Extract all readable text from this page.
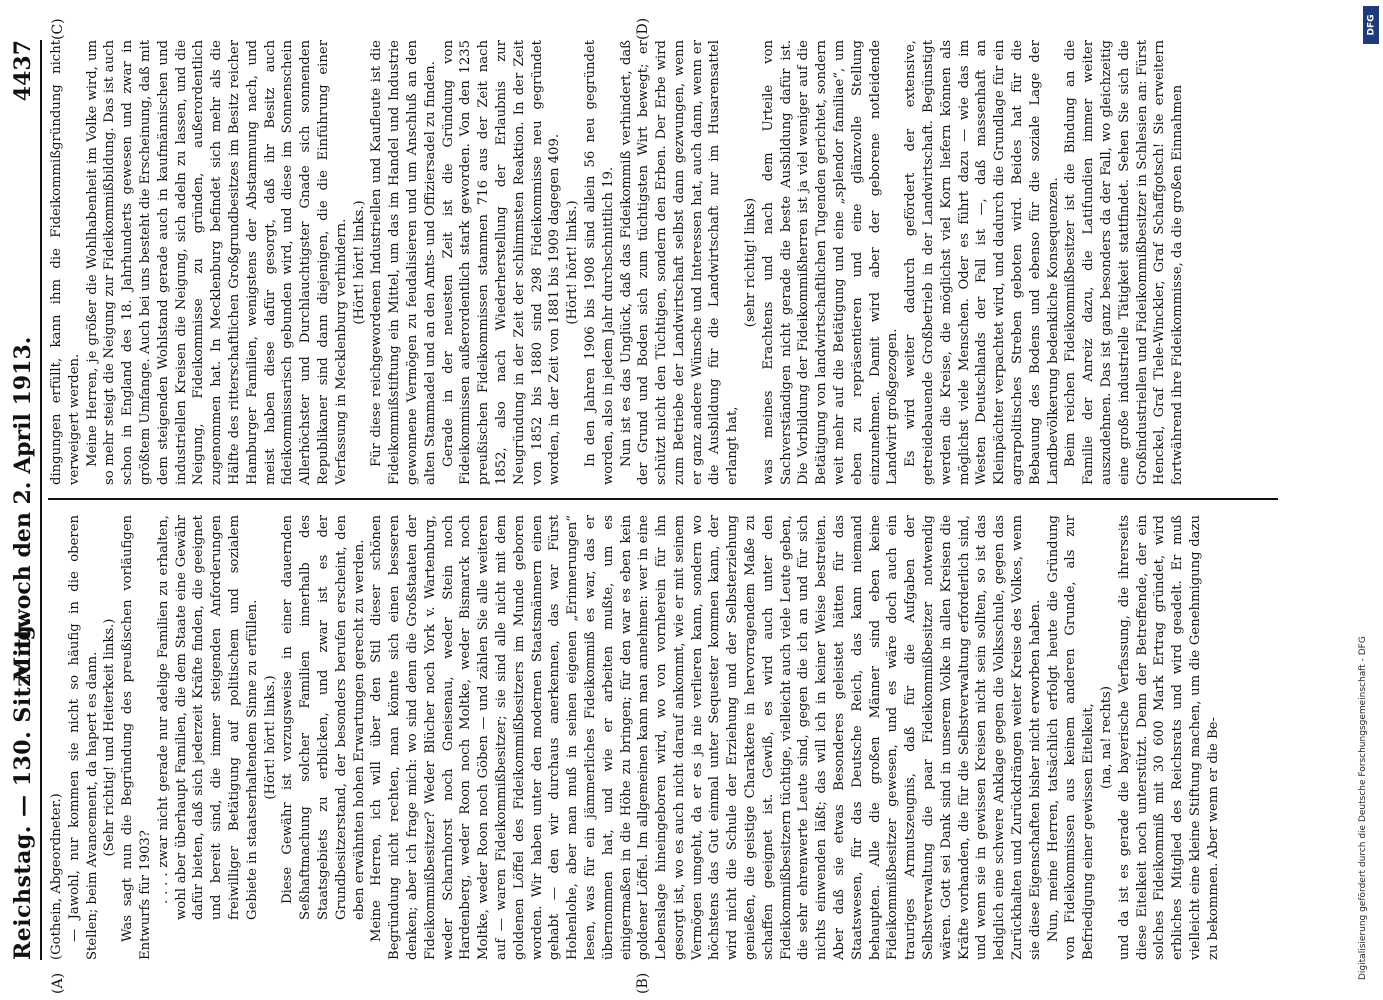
Reichstag. — 130. Sitzung.
Mittwoch den 2. April 1913.  4437
(A)	(B)
(C)	(D)

(Gothein, Abgeordneter.) — Jawohl, nur kommen sie nicht so häufig in die oberen Stellen; beim Avancement, da hapert es dann. (Sehr richtig! und Heiterkeit links.) Was sagt nun die Begründung des preußischen vorläufigen Entwurfs für 1903? . . . . zwar nicht gerade nur adelige Familien zu erhalten, wohl aber überhaupt Familien, die dem Staate eine Gewähr dafür bieten, daß sich jederzeit Kräfte finden, die geeignet und bereit sind, die immer steigenden Anforderungen freiwilliger Betätigung auf politischem und sozialem Gebiete in staatserhaltendem Sinne zu erfüllen. (Hört! hört! links.) Diese Gewähr ist vorzugsweise in einer dauernden Seßhaftmachung solcher Familien innerhalb des Staatsgebiets zu erblicken, und zwar ist es der Grundbesitzerstand, der besonders berufen erscheint, den eben erwähnten hohen Erwartungen gerecht zu werden. Meine Herren, ich will über den Stil dieser schönen Begründung nicht rechten, man könnte sich einen besseren denken; aber ich frage mich: wo sind denn die Großstaaten der Fideikommißbesitzer? Weder Blücher noch York v. Wartenburg, weder Scharnhorst noch Gneisenau, weder Stein noch Hardenberg, weder Roon noch Moltke, weder Bismarck noch Moltke, weder Roon noch Göben — und zählen Sie alle weiteren auf — waren Fideikommißbesitzer; sie sind alle nicht mit dem goldenen Löffel des Fideikommißbesitzers im Munde geboren worden. Wir haben unter den modernen Staatsmännern einen gehabt — den wir durchaus anerkennen, das war Fürst Hohenlohe, aber man muß in seinen eigenen „Erinnerungen“ lesen, was für ein jämmerliches Fideikommiß es war, das er übernommen hat, und wie er arbeiten mußte, um es einigermaßen in die Höhe zu bringen; für den war es eben kein goldener Löffel. Im allgemeinen kann man annehmen: wer in eine Lebenslage hineingeboren wird, wo von vornherein für ihn gesorgt ist, wo es auch nicht darauf ankommt, wie er mit seinem Vermögen umgeht, da er es ja nie verlieren kann, sondern wo höchstens das Gut einmal unter Sequester kommen kann, der wird nicht die Schule der Erziehung und der Selbsterziehung genießen, die geistige Charaktere in hervorragendem Maße zu schaffen geeignet ist. Gewiß, es wird auch unter den Fideikommißbesitzern tüchtige, vielleicht auch viele Leute geben, die sehr ehrenwerte Leute sind, gegen die ich an und für sich nichts einwenden läßt; das will ich in keiner Weise bestreiten. Aber daß sie etwas Besonderes geleistet hätten für das Staatswesen, für das Deutsche Reich, das kann niemand behaupten. Alle die großen Männer sind eben keine Fideikommißbesitzer gewesen, und es wäre doch auch ein trauriges Armutszeugnis, daß für die Aufgaben der Selbstverwaltung die paar Fideikommißbesitzer notwendig wären. Gott sei Dank sind in unserem Volke in allen Kreisen die Kräfte vorhanden, die für die Selbstverwaltung erforderlich sind, und wenn sie in gewissen Kreisen nicht sein sollten, so ist das lediglich eine schwere Anklage gegen die Volksschule, gegen das Zurückhalten und Zurückdrängen weiter Kreise des Volkes, wenn sie diese Eigenschaften bisher nicht erworben haben. Nun, meine Herren, tatsächlich erfolgt heute die Gründung von Fideikommissen aus keinem anderen Grunde, als zur Befriedigung einer gewissen Eitelkeit, (na, na! rechts) und da ist es gerade die bayerische Verfassung, die ihrerseits diese Eitelkeit noch unterstützt. Denn der Betreffende, der ein solches Fideikommiß mit 30 600 Mark Ertrag gründet, wird erbliches Mitglied des Reichsrats und wird geadelt. Er muß vielleicht eine kleine Stiftung machen, um die Genehmigung dazu zu bekommen. Aber wenn er die Be-

dingungen erfüllt, kann ihm die Fideikommißgründung nicht verweigert werden. Meine Herren, je größer die Wohlhabenheit im Volke wird, um so mehr steigt die Neigung zur Fideikommißbildung. Das ist auch schon in England des 18. Jahrhunderts gewesen und zwar in größtem Umfange. Auch bei uns besteht die Erscheinung, daß mit dem steigenden Wohlstand gerade auch in kaufmännischen und industriellen Kreisen die Neigung, sich adeln zu lassen, und die Neigung, Fideikommisse zu gründen, außerordentlich zugenommen hat. In Mecklenburg befindet sich mehr als die Hälfte des ritterschaftlichen Großgrundbesitzes im Besitz reicher Hamburger Familien, wenigstens der Abstammung nach, und meist haben diese dafür gesorgt, daß ihr Besitz auch fideikommissarisch gebunden wird, und diese im Sonnenschein Allerhöchster und Durchlauchtigster Gnade sich sonnenden Republikaner sind dann diejenigen, die die Einführung einer Verfassung in Mecklenburg verhindern. (Hört! hört! links.) Für diese reichgewordenen Industriellen und Kaufleute ist die Fideikommißstiftung ein Mittel, um das im Handel und Industrie gewonnene Vermögen zu feudalisieren und um Anschluß an den alten Stammadel und an den Amts- und Offiziersadel zu finden. Gerade in der neuesten Zeit ist die Gründung von Fideikommissen außerordentlich stark geworden. Von den 1235 preußischen Fideikommissen stammen 716 aus der Zeit nach 1852, also nach Wiederherstellung der Erlaubnis zur Neugründung in der Zeit der schlimmsten Reaktion. In der Zeit von 1852 bis 1880 sind 298 Fideikommisse neu gegründet worden, in der Zeit von 1881 bis 1909 dagegen 409. (Hört! hört! links.) In den Jahren 1906 bis 1908 sind allein 56 neu gegründet worden, also in jedem Jahr durchschnittlich 19. Nun ist es das Unglück, daß das Fideikommiß verhindert, daß der Grund und Boden sich zum tüchtigsten Wirt bewegt; er schützt nicht den Tüchtigen, sondern den Erben. Der Erbe wird zum Betriebe der Landwirtschaft selbst dann gezwungen, wenn er ganz andere Wünsche und Interessen hat, auch dann, wenn er die Ausbildung für die Landwirtschaft nur im Husarensattel erlangt hat,

(sehr richtig! links) was meines Erachtens und nach dem Urteile von Sachverständigen nicht gerade die beste Ausbildung dafür ist. Die Vorbildung der Fideikommißherren ist ja viel weniger auf die Betätigung von landwirtschaftlichen Tugenden gerichtet, sondern weit mehr auf die Betätigung und eine „splendor familiae“, um eben zu repräsentieren und eine glänzvolle Stellung einzunehmen. Damit wird aber der geborene notleidende Landwirt großgezogen. Es wird weiter dadurch gefördert der extensive, getreidebauende Großbetrieb in der Landwirtschaft. Begünstigt werden die Kreise, die möglichst viel Korn liefern können als möglichst viele Menschen. Oder es führt dazu — wie das im Westen Deutschlands der Fall ist —, daß massenhaft an Kleinpächter verpachtet wird, und dadurch die Grundlage für ein agrarpolitisches Streben geboten wird. Beides hat für die Bebauung des Bodens und ebenso für die soziale Lage der Landbevölkerung bedenkliche Konsequenzen. Beim reichen Fideikommißbesitzer ist die Bindung an die Familie der Anreiz dazu, die Latifundien immer weiter auszudehnen. Das ist ganz besonders da der Fall, wo gleichzeitig eine große industrielle Tätigkeit stattfindet. Sehen Sie sich die Großindustriellen und Fideikommißbesitzer in Schlesien an: Fürst Henckel, Graf Tiele-Winckler, Graf Schaffgotsch! Sie erweitern fortwährend ihre Fideikommisse, da die großen Einnahmen

DFG
Digitalisierung gefördert durch die Deutsche Forschungsgemeinschaft - DFG
